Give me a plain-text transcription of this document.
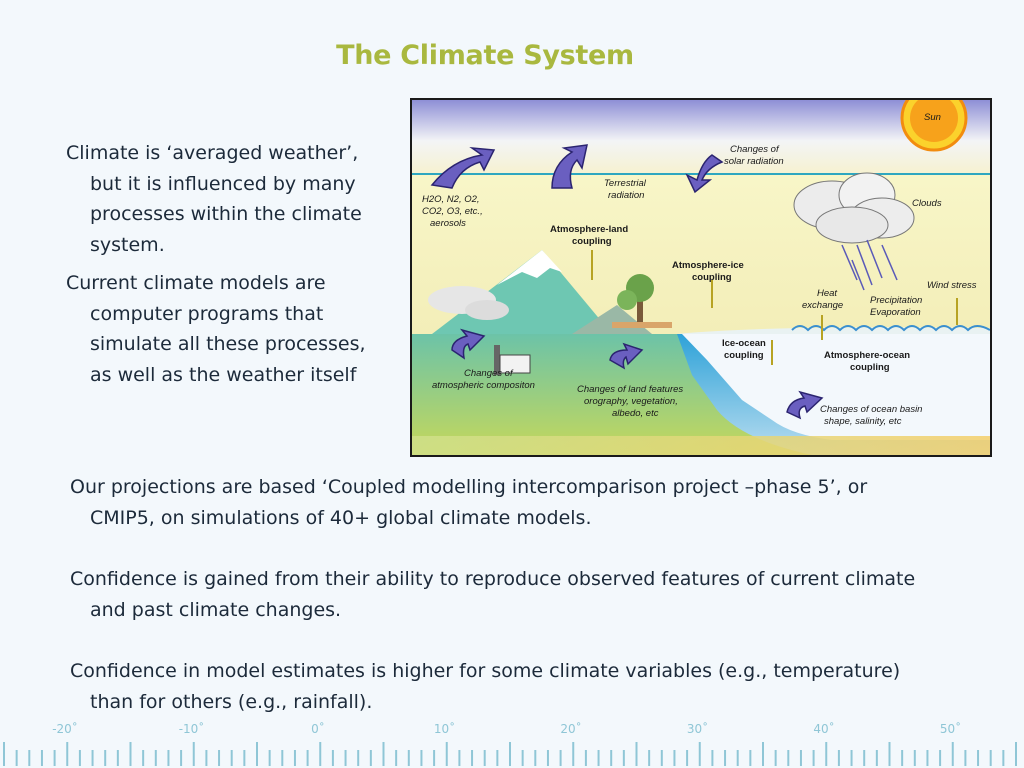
The Climate System

Climate is ‘averaged weather’, but it is influenced by many processes within the climate system.

Current climate models are computer programs that simulate all these processes, as well as the weather itself

Sun
Changes of
solar radiation
Terrestrial
radiation
H2O, N2, O2,
CO2, O3, etc.,
aerosols
Atmosphere-land
coupling
Atmosphere-ice
coupling
Clouds
Heat
exchange	Precipitation
Evaporation
Wind stress
Ice-ocean
coupling	Atmosphere-ocean
coupling
Changes of
atmospheric compositon	Changes of land features
orography, vegetation,
albedo, etc	Changes of ocean basin
shape, salinity, etc

Our projections are based ‘Coupled modelling intercomparison project –phase 5’, or CMIP5, on simulations of 40+ global climate models.

Confidence is gained from their ability to reproduce observed features of current climate and past climate changes.

Confidence in model estimates is higher for some climate variables (e.g., temperature) than for others (e.g., rainfall).

-20˚	-10˚	0˚	10˚	20˚	30˚	40˚	50˚
